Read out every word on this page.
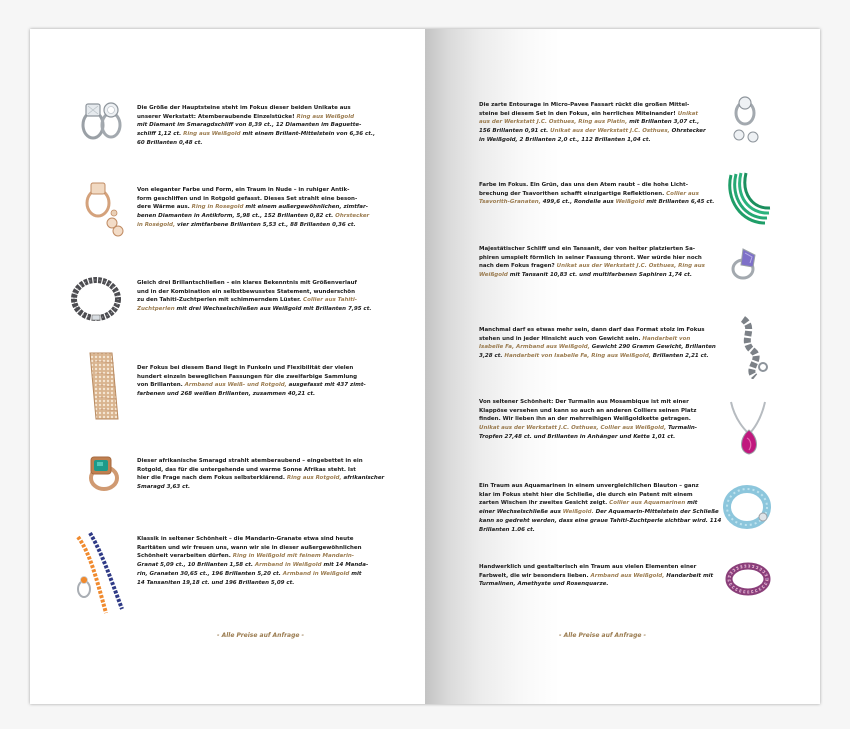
Die Größe der Hauptsteine steht im Fokus dieser beiden Unikate aus
unserer Werkstatt: Atemberaubende Einzelstücke! Ring aus Weißgold
mit Diamant im Smaragdschliff von 8,39 ct., 12 Diamanten im Baguette-
schliff 1,12 ct. Ring aus Weißgold mit einem Brillant-Mittelstein von 6,36 ct.,
60 Brillanten 0,48 ct.
Von eleganter Farbe und Form, ein Traum in Nude – in ruhiger Antik-
form geschliffen und in Rotgold gefasst. Dieses Set strahlt eine beson-
dere Wärme aus. Ring in Rosegold mit einem außergewöhnlichen, zimtfar-
benen Diamanten in Antikform, 5,98 ct., 152 Brillanten 0,82 ct. Ohrstecker
in Roségold, vier zimtfarbene Brillanten 5,53 ct., 88 Brillanten 0,36 ct.
Gleich drei Brillantschließen – ein klares Bekenntnis mit Größenverlauf
und in der Kombination ein selbstbewusstes Statement, wunderschön
zu den Tahiti-Zuchtperlen mit schimmerndem Lüster. Collier aus Tahiti-
Zuchtperlen mit drei Wechselschließen aus Weißgold mit Brillanten 7,95 ct.
Der Fokus bei diesem Band liegt in Funkeln und Flexibilität der vielen
hundert einzeln beweglichen Fassungen für die zweifarbige Sammlung
von Brillanten. Armband aus Weiß- und Rotgold, ausgefasst mit 437 zimt-
farbenen und 268 weißen Brillanten, zusammen 40,21 ct.
Dieser afrikanische Smaragd strahlt atemberaubend – eingebettet in ein
Rotgold, das für die untergehende und warme Sonne Afrikas steht. Ist
hier die Frage nach dem Fokus selbsterklärend. Ring aus Rotgold, afrikanischer
Smaragd 3,63 ct.
Klassik in seltener Schönheit – die Mandarin-Granate etwa sind heute
Raritäten und wir freuen uns, wann wir sie in dieser außergewöhnlichen
Schönheit verarbeiten dürfen. Ring in Weißgold mit feinem Mandarin-
Granat 5,09 ct., 10 Brillanten 1,58 ct. Armband in Weißgold mit 14 Manda-
rin, Granaten 30,65 ct., 196 Brillanten 5,20 ct. Armband in Weißgold mit
14 Tansaniten 19,18 ct. und 196 Brillanten 5,09 ct.
- Alle Preise auf Anfrage -
Die zarte Entourage in Micro-Pavee Fassart rückt die großen Mittel-
steine bei diesem Set in den Fokus, ein herrliches Miteinander! Unikat
aus der Werkstatt J.C. Osthues, Ring aus Platin, mit Brillanten 3,07 ct.,
156 Brillanten 0,91 ct. Unikat aus der Werkstatt J.C. Osthues, Ohrstecker
in Weißgold, 2 Brillanten 2,0 ct., 112 Brillanten 1,04 ct.
Farbe im Fokus. Ein Grün, das uns den Atem raubt – die hohe Licht-
brechung der Tsavorithen schafft einzigartige Reflektionen. Collier aus
Tsavorith-Granaten, 499,6 ct., Rondelle aus Weißgold mit Brillanten 6,45 ct.
Majestätischer Schliff und ein Tansanit, der von heiter platzierten Sa-
phiren umspielt förmlich in seiner Fassung thront. Wer würde hier noch
nach dem Fokus fragen? Unikat aus der Werkstatt J.C. Osthues, Ring aus
Weißgold mit Tansanit 10,83 ct. und multifarbenen Saphiren 1,74 ct.
Manchmal darf es etwas mehr sein, dann darf das Format stolz im Fokus
stehen und in jeder Hinsicht auch von Gewicht sein. Handarbeit von
Isabelle Fa, Armband aus Weißgold, Gewicht 290 Gramm Gewicht, Brillanten
3,28 ct. Handarbeit von Isabelle Fa, Ring aus Weißgold, Brillanten 2,21 ct.
Von seltener Schönheit: Der Turmalin aus Mosambique ist mit einer
Klappöse versehen und kann so auch an anderen Colliers seinen Platz
finden. Wir lieben ihn an der mehrreihigen Weißgoldkette getragen.
Unikat aus der Werkstatt J.C. Osthues, Collier aus Weißgold, Turmalin-
Tropfen 27,48 ct. und Brillanten in Anhänger und Kette 1,01 ct.
Ein Traum aus Aquamarinen in einem unvergleichlichen Blauton – ganz
klar im Fokus steht hier die Schließe, die durch ein Patent mit einem
zarten Wischen ihr zweites Gesicht zeigt. Collier aus Aquamarinen mit
einer Wechselschließe aus Weißgold. Der Aquamarin-Mittelstein der Schließe
kann so gedreht werden, dass eine graue Tahiti-Zuchtperle sichtbar wird. 114
Brillanten 1.06 ct.
Handwerklich und gestalterisch ein Traum aus vielen Elementen einer
Farbwelt, die wir besonders lieben. Armband aus Weißgold, Handarbeit mit
Turmalinen, Amethyste und Rosenquarze.
- Alle Preise auf Anfrage -
